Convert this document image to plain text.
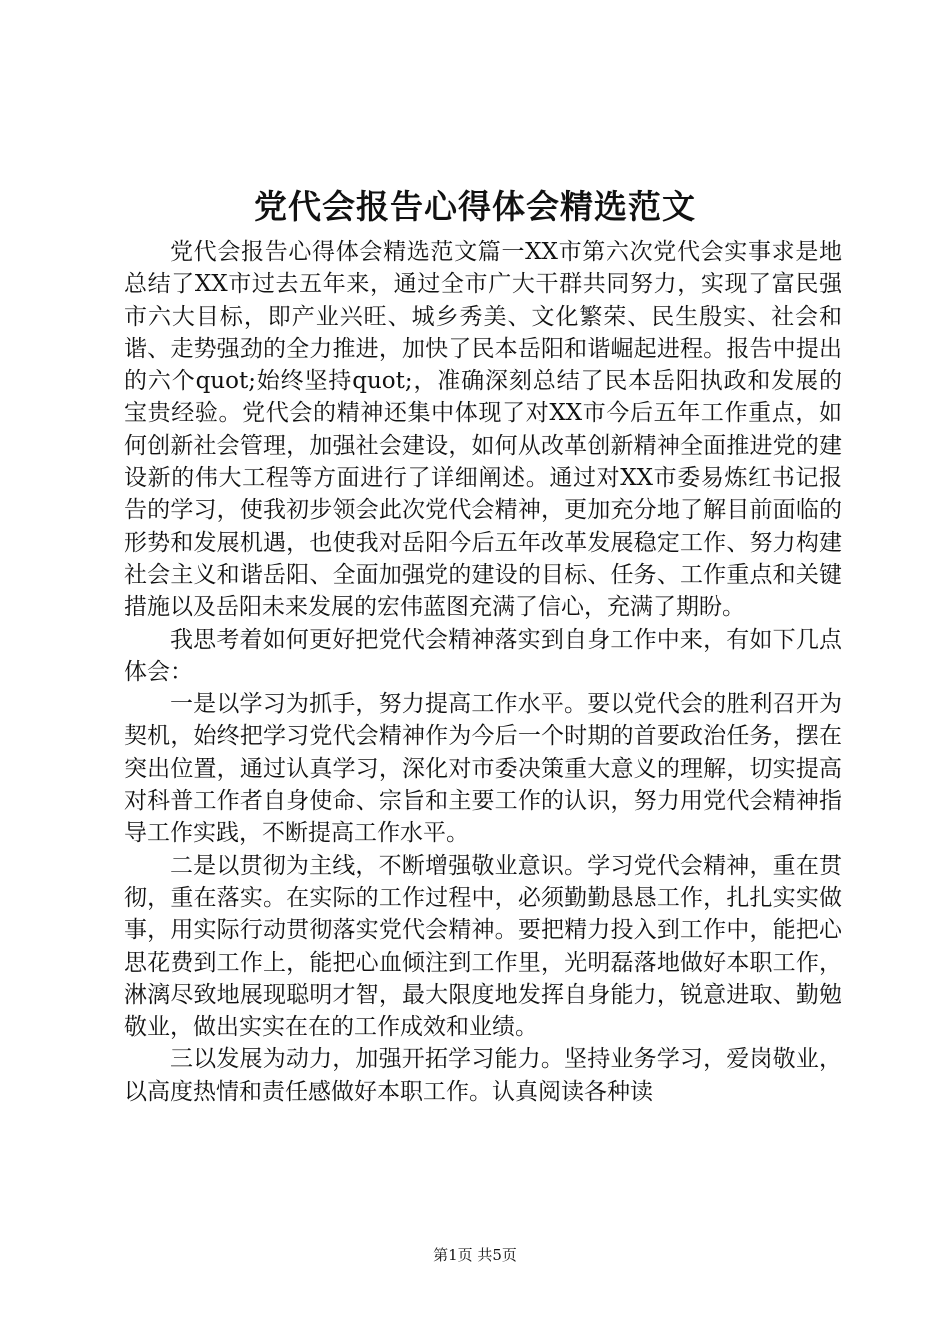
党代会报告心得体会精选范文

党代会报告心得体会精选范文篇一XX市第六次党代会实事求是地总结了XX市过去五年来，通过全市广大干群共同努力，实现了富民强市六大目标，即产业兴旺、城乡秀美、文化繁荣、民生殷实、社会和谐、走势强劲的全力推进，加快了民本岳阳和谐崛起进程。报告中提出的六个quot;始终坚持quot;，准确深刻总结了民本岳阳执政和发展的宝贵经验。党代会的精神还集中体现了对XX市今后五年工作重点，如何创新社会管理，加强社会建设，如何从改革创新精神全面推进党的建设新的伟大工程等方面进行了详细阐述。通过对XX市委易炼红书记报告的学习，使我初步领会此次党代会精神，更加充分地了解目前面临的形势和发展机遇，也使我对岳阳今后五年改革发展稳定工作、努力构建社会主义和谐岳阳、全面加强党的建设的目标、任务、工作重点和关键措施以及岳阳未来发展的宏伟蓝图充满了信心，充满了期盼。

我思考着如何更好把党代会精神落实到自身工作中来，有如下几点体会：

一是以学习为抓手，努力提高工作水平。要以党代会的胜利召开为契机，始终把学习党代会精神作为今后一个时期的首要政治任务，摆在突出位置，通过认真学习，深化对市委决策重大意义的理解，切实提高对科普工作者自身使命、宗旨和主要工作的认识，努力用党代会精神指导工作实践，不断提高工作水平。

二是以贯彻为主线，不断增强敬业意识。学习党代会精神，重在贯彻，重在落实。在实际的工作过程中，必须勤勤恳恳工作，扎扎实实做事，用实际行动贯彻落实党代会精神。要把精力投入到工作中，能把心思花费到工作上，能把心血倾注到工作里，光明磊落地做好本职工作，淋漓尽致地展现聪明才智，最大限度地发挥自身能力，锐意进取、勤勉敬业，做出实实在在的工作成效和业绩。

三以发展为动力，加强开拓学习能力。坚持业务学习，爱岗敬业，以高度热情和责任感做好本职工作。认真阅读各种读

第1页 共5页
